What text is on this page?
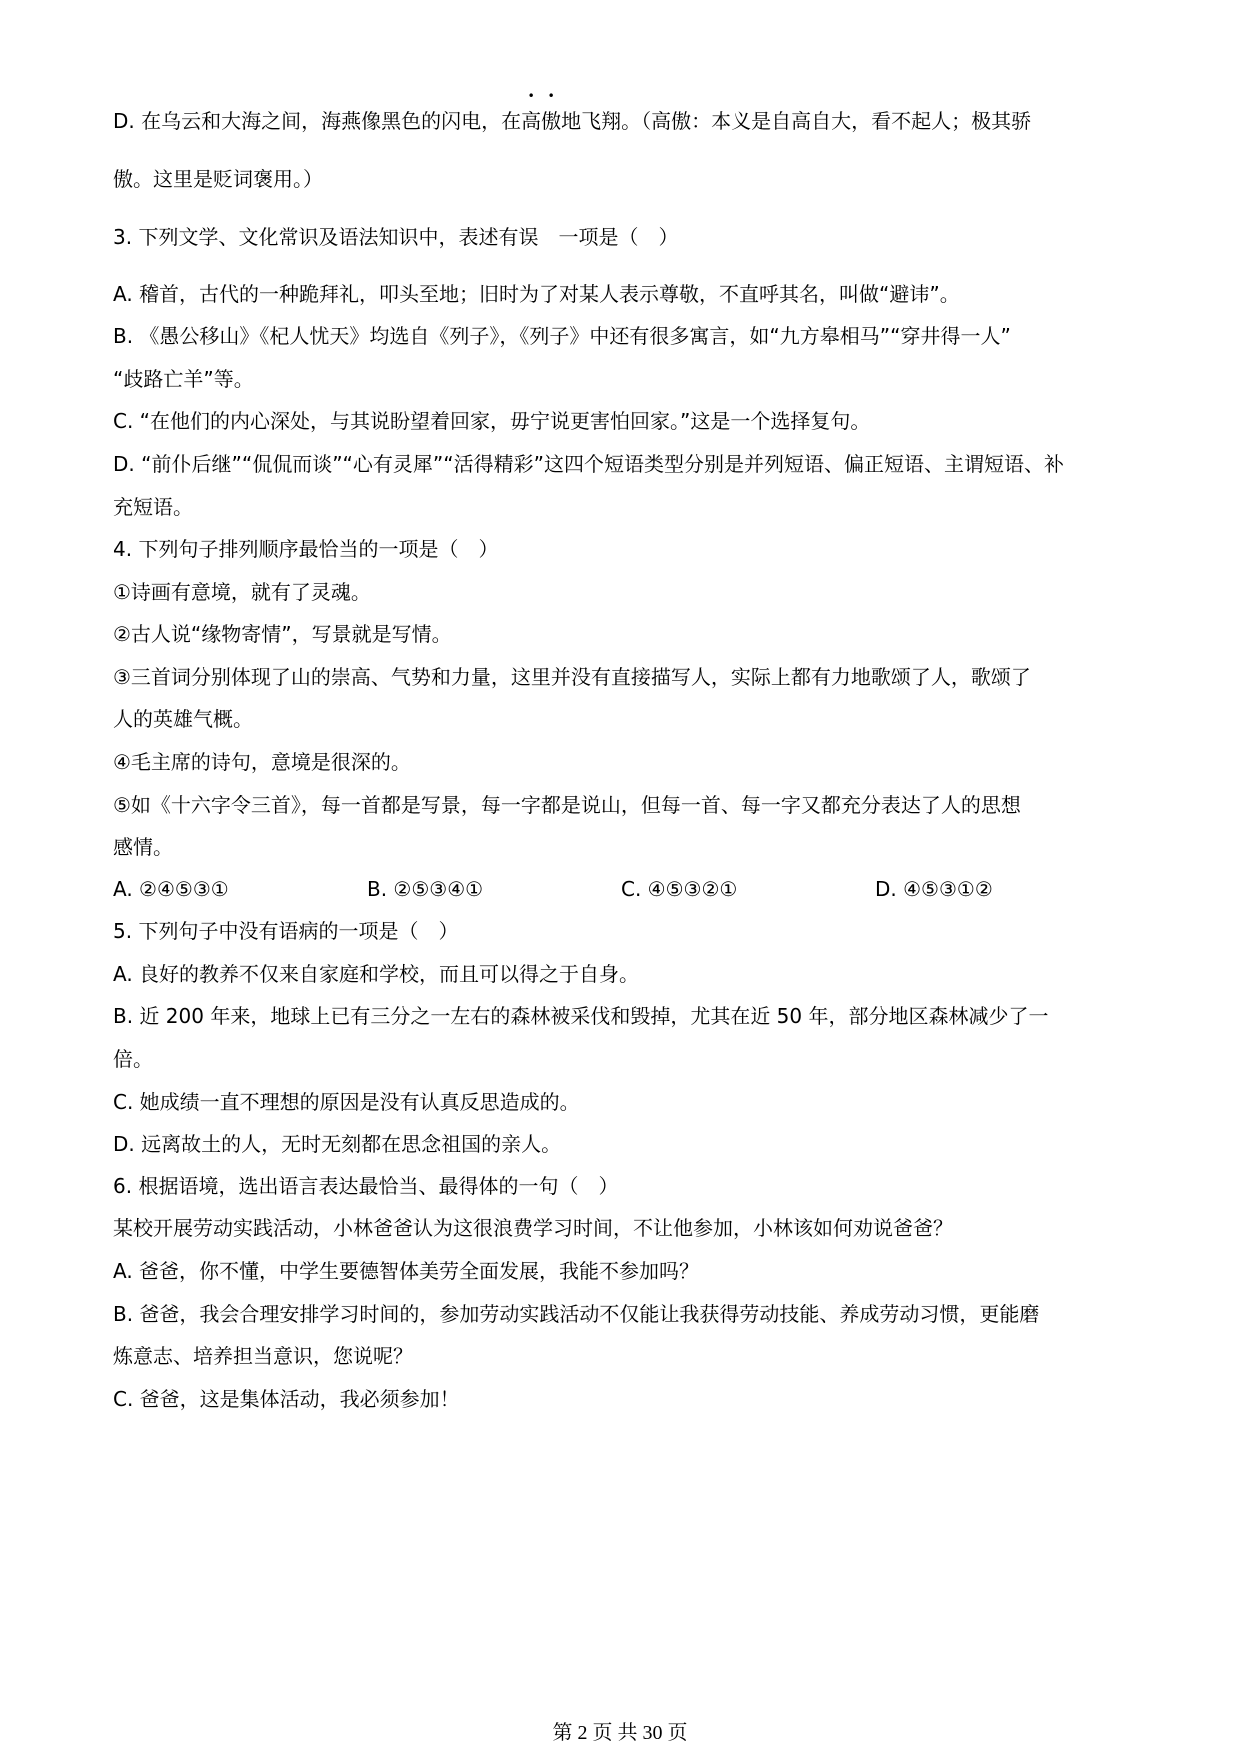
D. 在乌云和大海之间，海燕像黑色的闪电，在高傲地飞翔。（高傲：本义是自高自大，看不起人；极其骄
傲。这里是贬词褒用。）
3. 下列文学、文化常识及语法知识中，表述有误　一项是（　）
A. 稽首，古代的一种跪拜礼，叩头至地；旧时为了对某人表示尊敬，不直呼其名，叫做“避讳”。
B. 《愚公移山》《杞人忧天》均选自《列子》，《列子》中还有很多寓言，如“九方皋相马”“穿井得一人”
“歧路亡羊”等。
C. “在他们的内心深处，与其说盼望着回家，毋宁说更害怕回家。”这是一个选择复句。
D. “前仆后继”“侃侃而谈”“心有灵犀”“活得精彩”这四个短语类型分别是并列短语、偏正短语、主谓短语、补
充短语。
4. 下列句子排列顺序最恰当的一项是（　）
①诗画有意境，就有了灵魂。
②古人说“缘物寄情”，写景就是写情。
③三首词分别体现了山的崇高、气势和力量，这里并没有直接描写人，实际上都有力地歌颂了人，歌颂了
人的英雄气概。
④毛主席的诗句，意境是很深的。
⑤如《十六字令三首》，每一首都是写景，每一字都是说山，但每一首、每一字又都充分表达了人的思想
感情。
A. ②④⑤③①	B. ②⑤③④①	C. ④⑤③②①	D. ④⑤③①②
5. 下列句子中没有语病的一项是（　）
A. 良好的教养不仅来自家庭和学校，而且可以得之于自身。
B. 近 200 年来，地球上已有三分之一左右的森林被采伐和毁掉，尤其在近 50 年，部分地区森林减少了一
倍。
C. 她成绩一直不理想的原因是没有认真反思造成的。
D. 远离故土的人，无时无刻都在思念祖国的亲人。
6. 根据语境，选出语言表达最恰当、最得体的一句（　）
某校开展劳动实践活动，小林爸爸认为这很浪费学习时间，不让他参加，小林该如何劝说爸爸？
A. 爸爸，你不懂，中学生要德智体美劳全面发展，我能不参加吗？
B. 爸爸，我会合理安排学习时间的，参加劳动实践活动不仅能让我获得劳动技能、养成劳动习惯，更能磨
炼意志、培养担当意识，您说呢？
C. 爸爸，这是集体活动，我必须参加！
第 2 页 共 30 页
